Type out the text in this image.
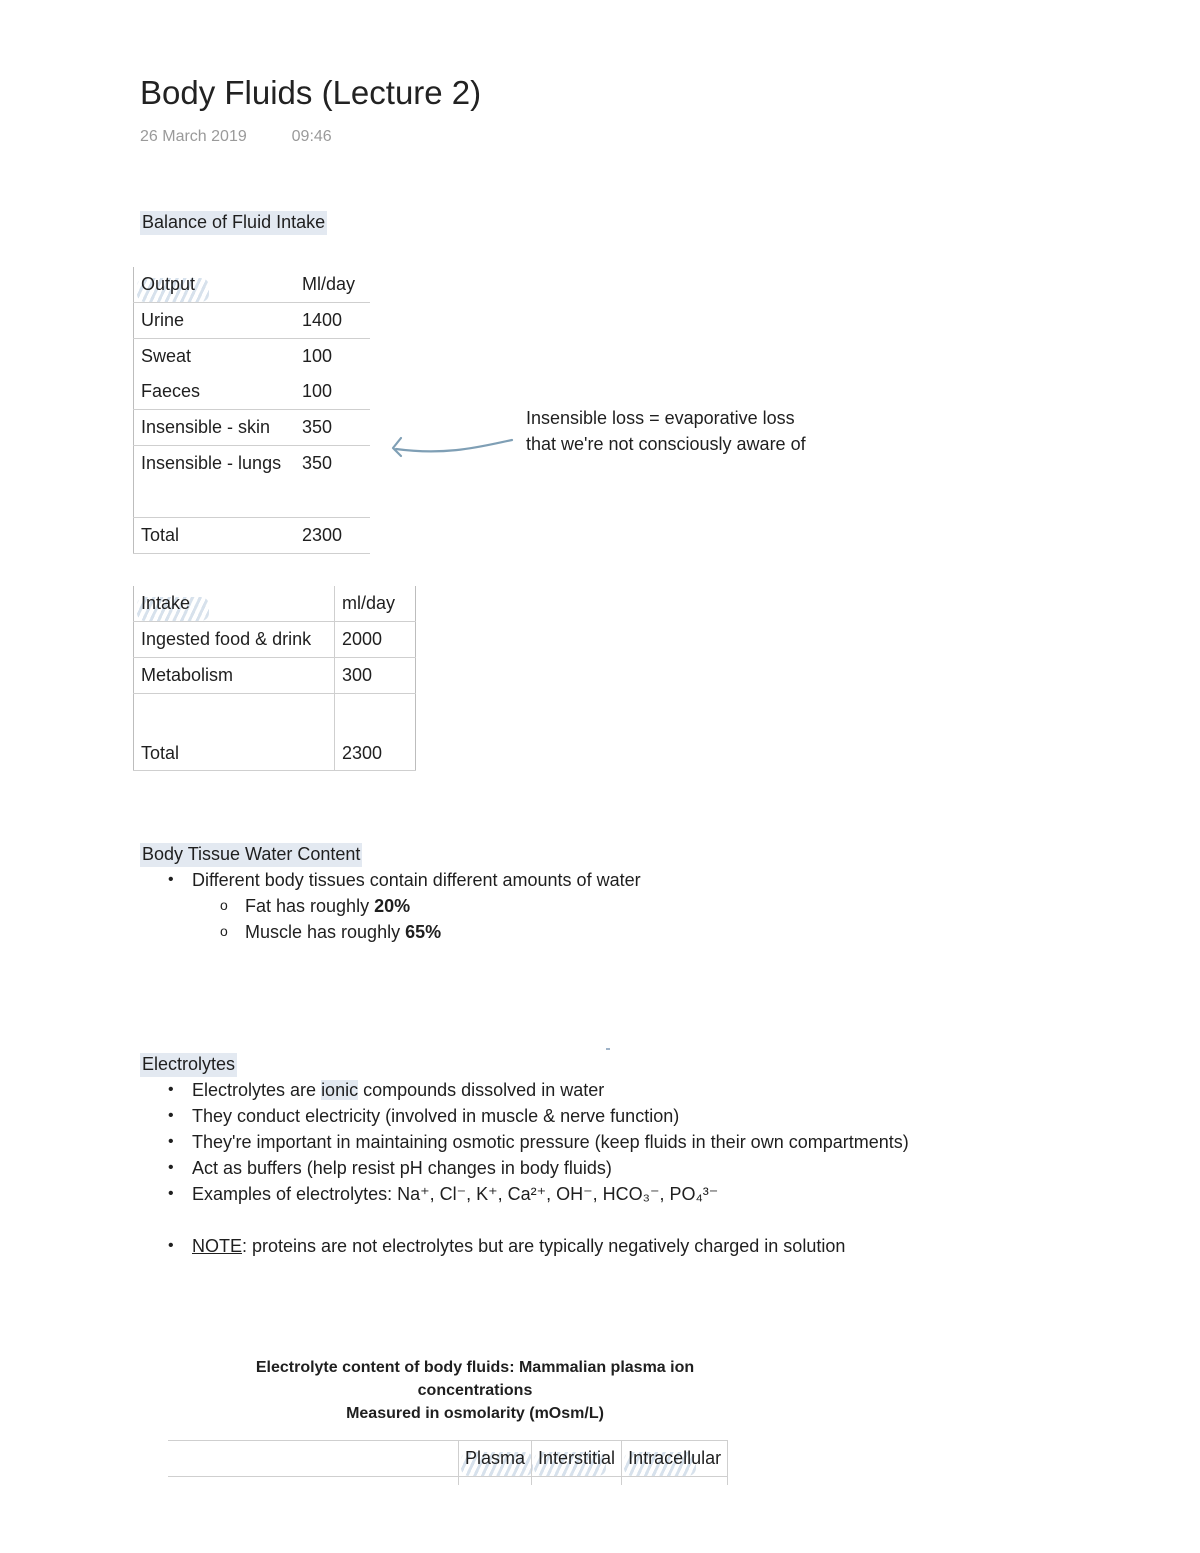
Body Fluids (Lecture 2)
26 March 2019	09:46
Balance of Fluid Intake
Output	Ml/day
Urine	1400
Sweat	100
Faeces	100
Insensible - skin	350
Insensible - lungs	350

Total	2300
Insensible loss = evaporative loss
that we're not consciously aware of
Intake	ml/day
Ingested food & drink	2000
Metabolism	300
Total	2300
Body Tissue Water Content
• Different body tissues contain different amounts of water
o Fat has roughly 20%
o Muscle has roughly 65%
Electrolytes
• Electrolytes are ionic compounds dissolved in water
• They conduct electricity (involved in muscle & nerve function)
• They're important in maintaining osmotic pressure (keep fluids in their own compartments)
• Act as buffers (help resist pH changes in body fluids)
• Examples of electrolytes: Na⁺, Cl⁻, K⁺, Ca²⁺, OH⁻, HCO₃⁻, PO₄³⁻
• NOTE: proteins are not electrolytes but are typically negatively charged in solution
Electrolyte content of body fluids: Mammalian plasma ion
concentrations
Measured in osmolarity (mOsm/L)
	Plasma	Interstitial	Intracellular
